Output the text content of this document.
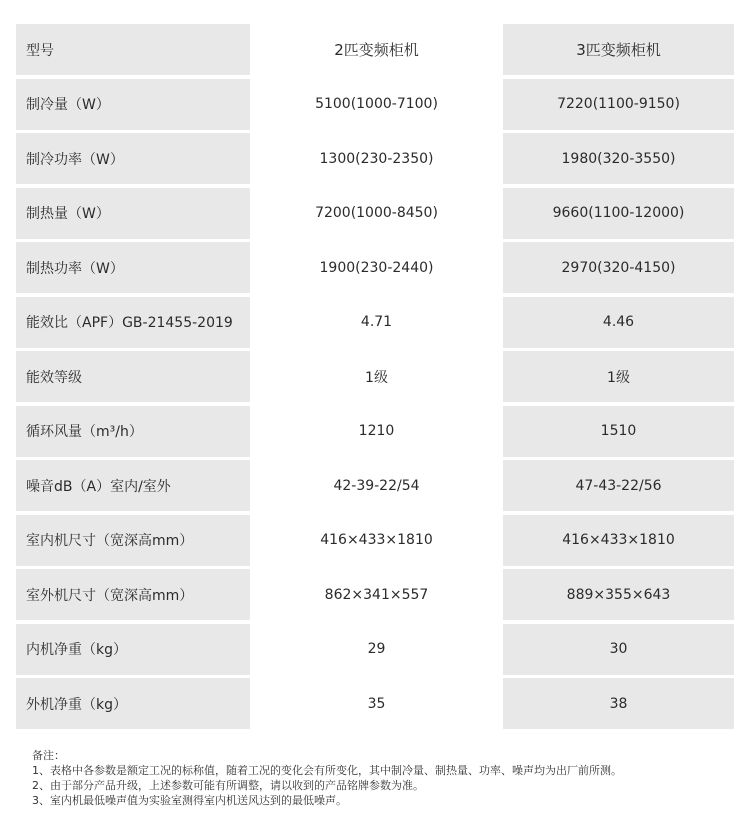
型号	2匹变频柜机	3匹变频柜机
制冷量（W）	5100(1000-7100)	7220(1100-9150)
制冷功率（W）	1300(230-2350)	1980(320-3550)
制热量（W）	7200(1000-8450)	9660(1100-12000)
制热功率（W）	1900(230-2440)	2970(320-4150)
能效比（APF）GB-21455-2019	4.71	4.46
能效等级	1级	1级
循环风量（m³/h）	1210	1510
噪音dB（A）室内/室外	42-39-22/54	47-43-22/56
室内机尺寸（宽深高mm）	416×433×1810	416×433×1810
室外机尺寸（宽深高mm）	862×341×557	889×355×643
内机净重（kg）	29	30
外机净重（kg）	35	38
备注：
1、表格中各参数是额定工况的标称值，随着工况的变化会有所变化，其中制冷量、制热量、功率、噪声均为出厂前所测。
2、由于部分产品升级，上述参数可能有所调整，请以收到的产品铭牌参数为准。
3、室内机最低噪声值为实验室测得室内机送风达到的最低噪声。
